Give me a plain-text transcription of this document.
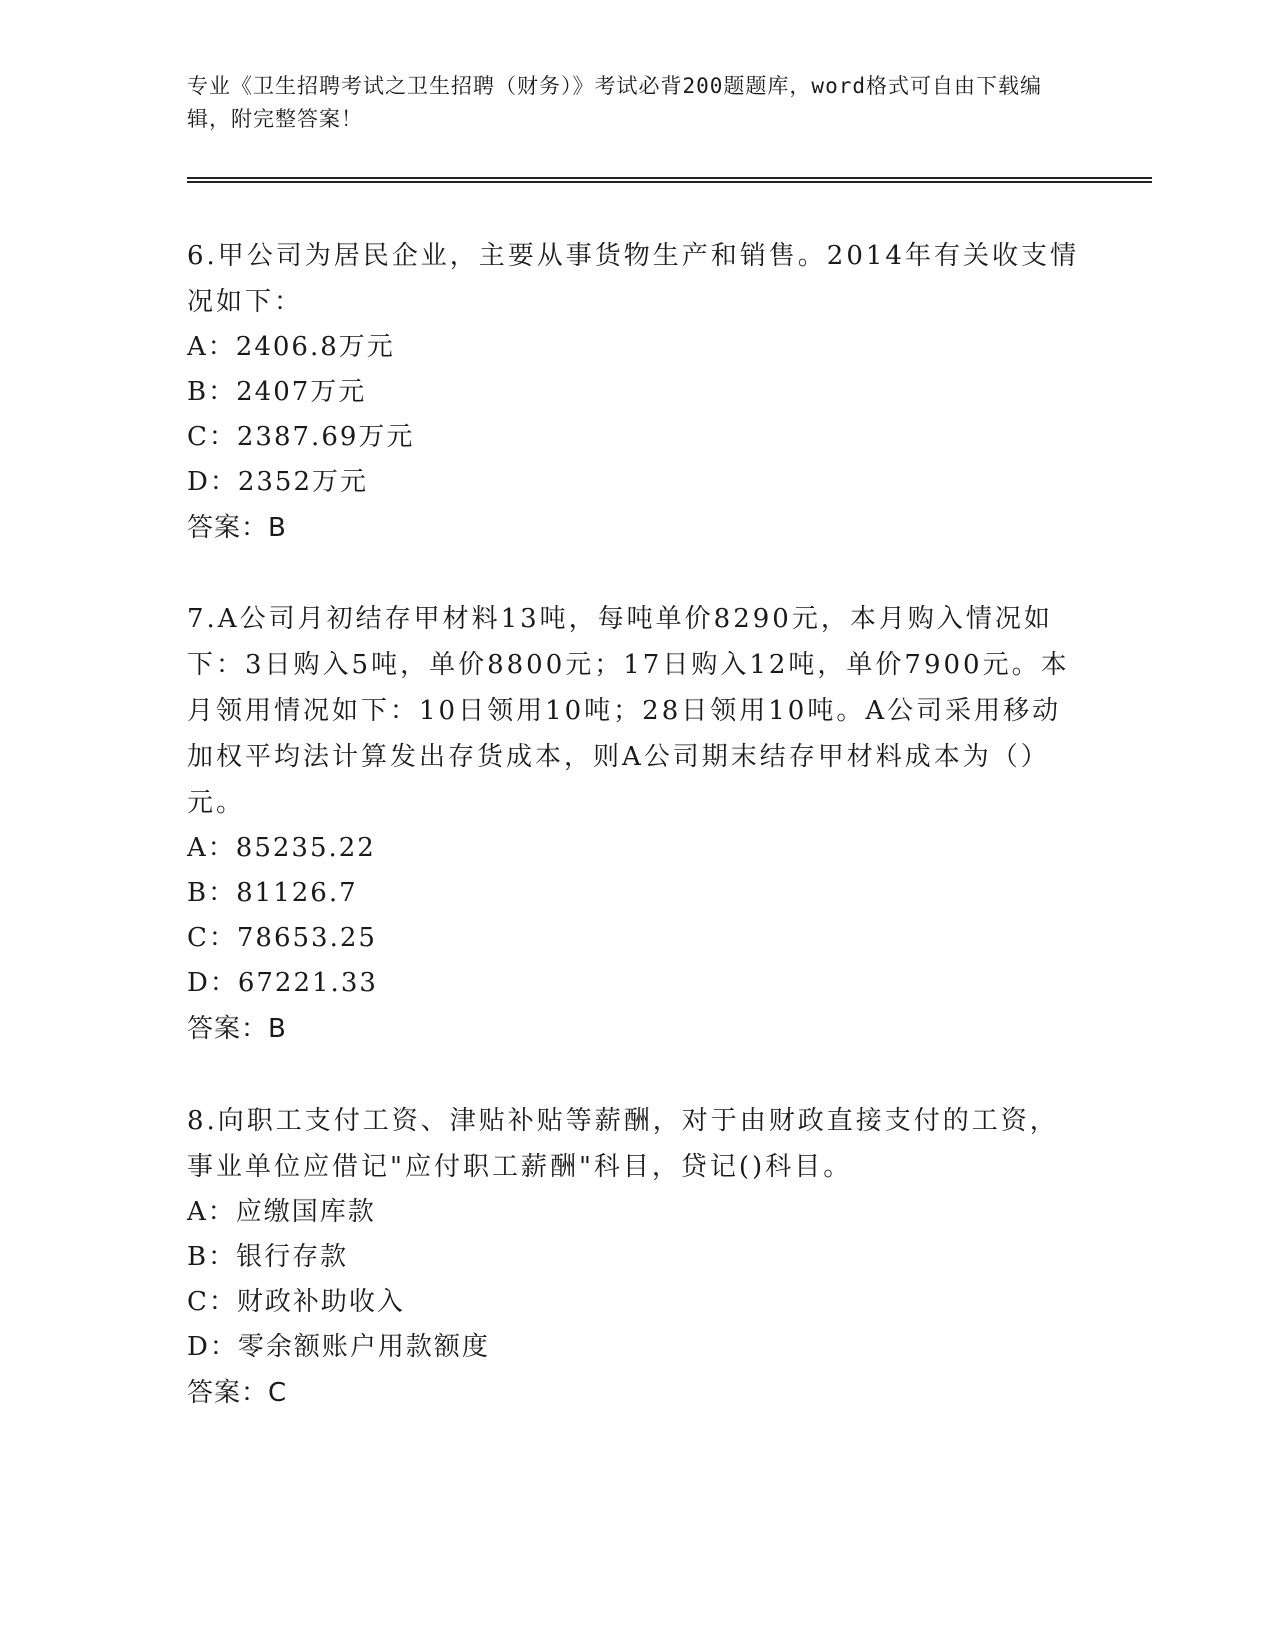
专业《卫生招聘考试之卫生招聘（财务）》考试必背200题题库，word格式可自由下载编辑，附完整答案！
6.甲公司为居民企业，主要从事货物生产和销售。2014年有关收支情况如下：
A：2406.8万元
B：2407万元
C：2387.69万元
D：2352万元
答案：B
7.A公司月初结存甲材料13吨，每吨单价8290元，本月购入情况如下：3日购入5吨，单价8800元；17日购入12吨，单价7900元。本月领用情况如下：10日领用10吨；28日领用10吨。A公司采用移动加权平均法计算发出存货成本，则A公司期末结存甲材料成本为（）元。
A：85235.22
B：81126.7
C：78653.25
D：67221.33
答案：B
8.向职工支付工资、津贴补贴等薪酬，对于由财政直接支付的工资，事业单位应借记"应付职工薪酬"科目，贷记()科目。
A：应缴国库款
B：银行存款
C：财政补助收入
D：零余额账户用款额度
答案：C
